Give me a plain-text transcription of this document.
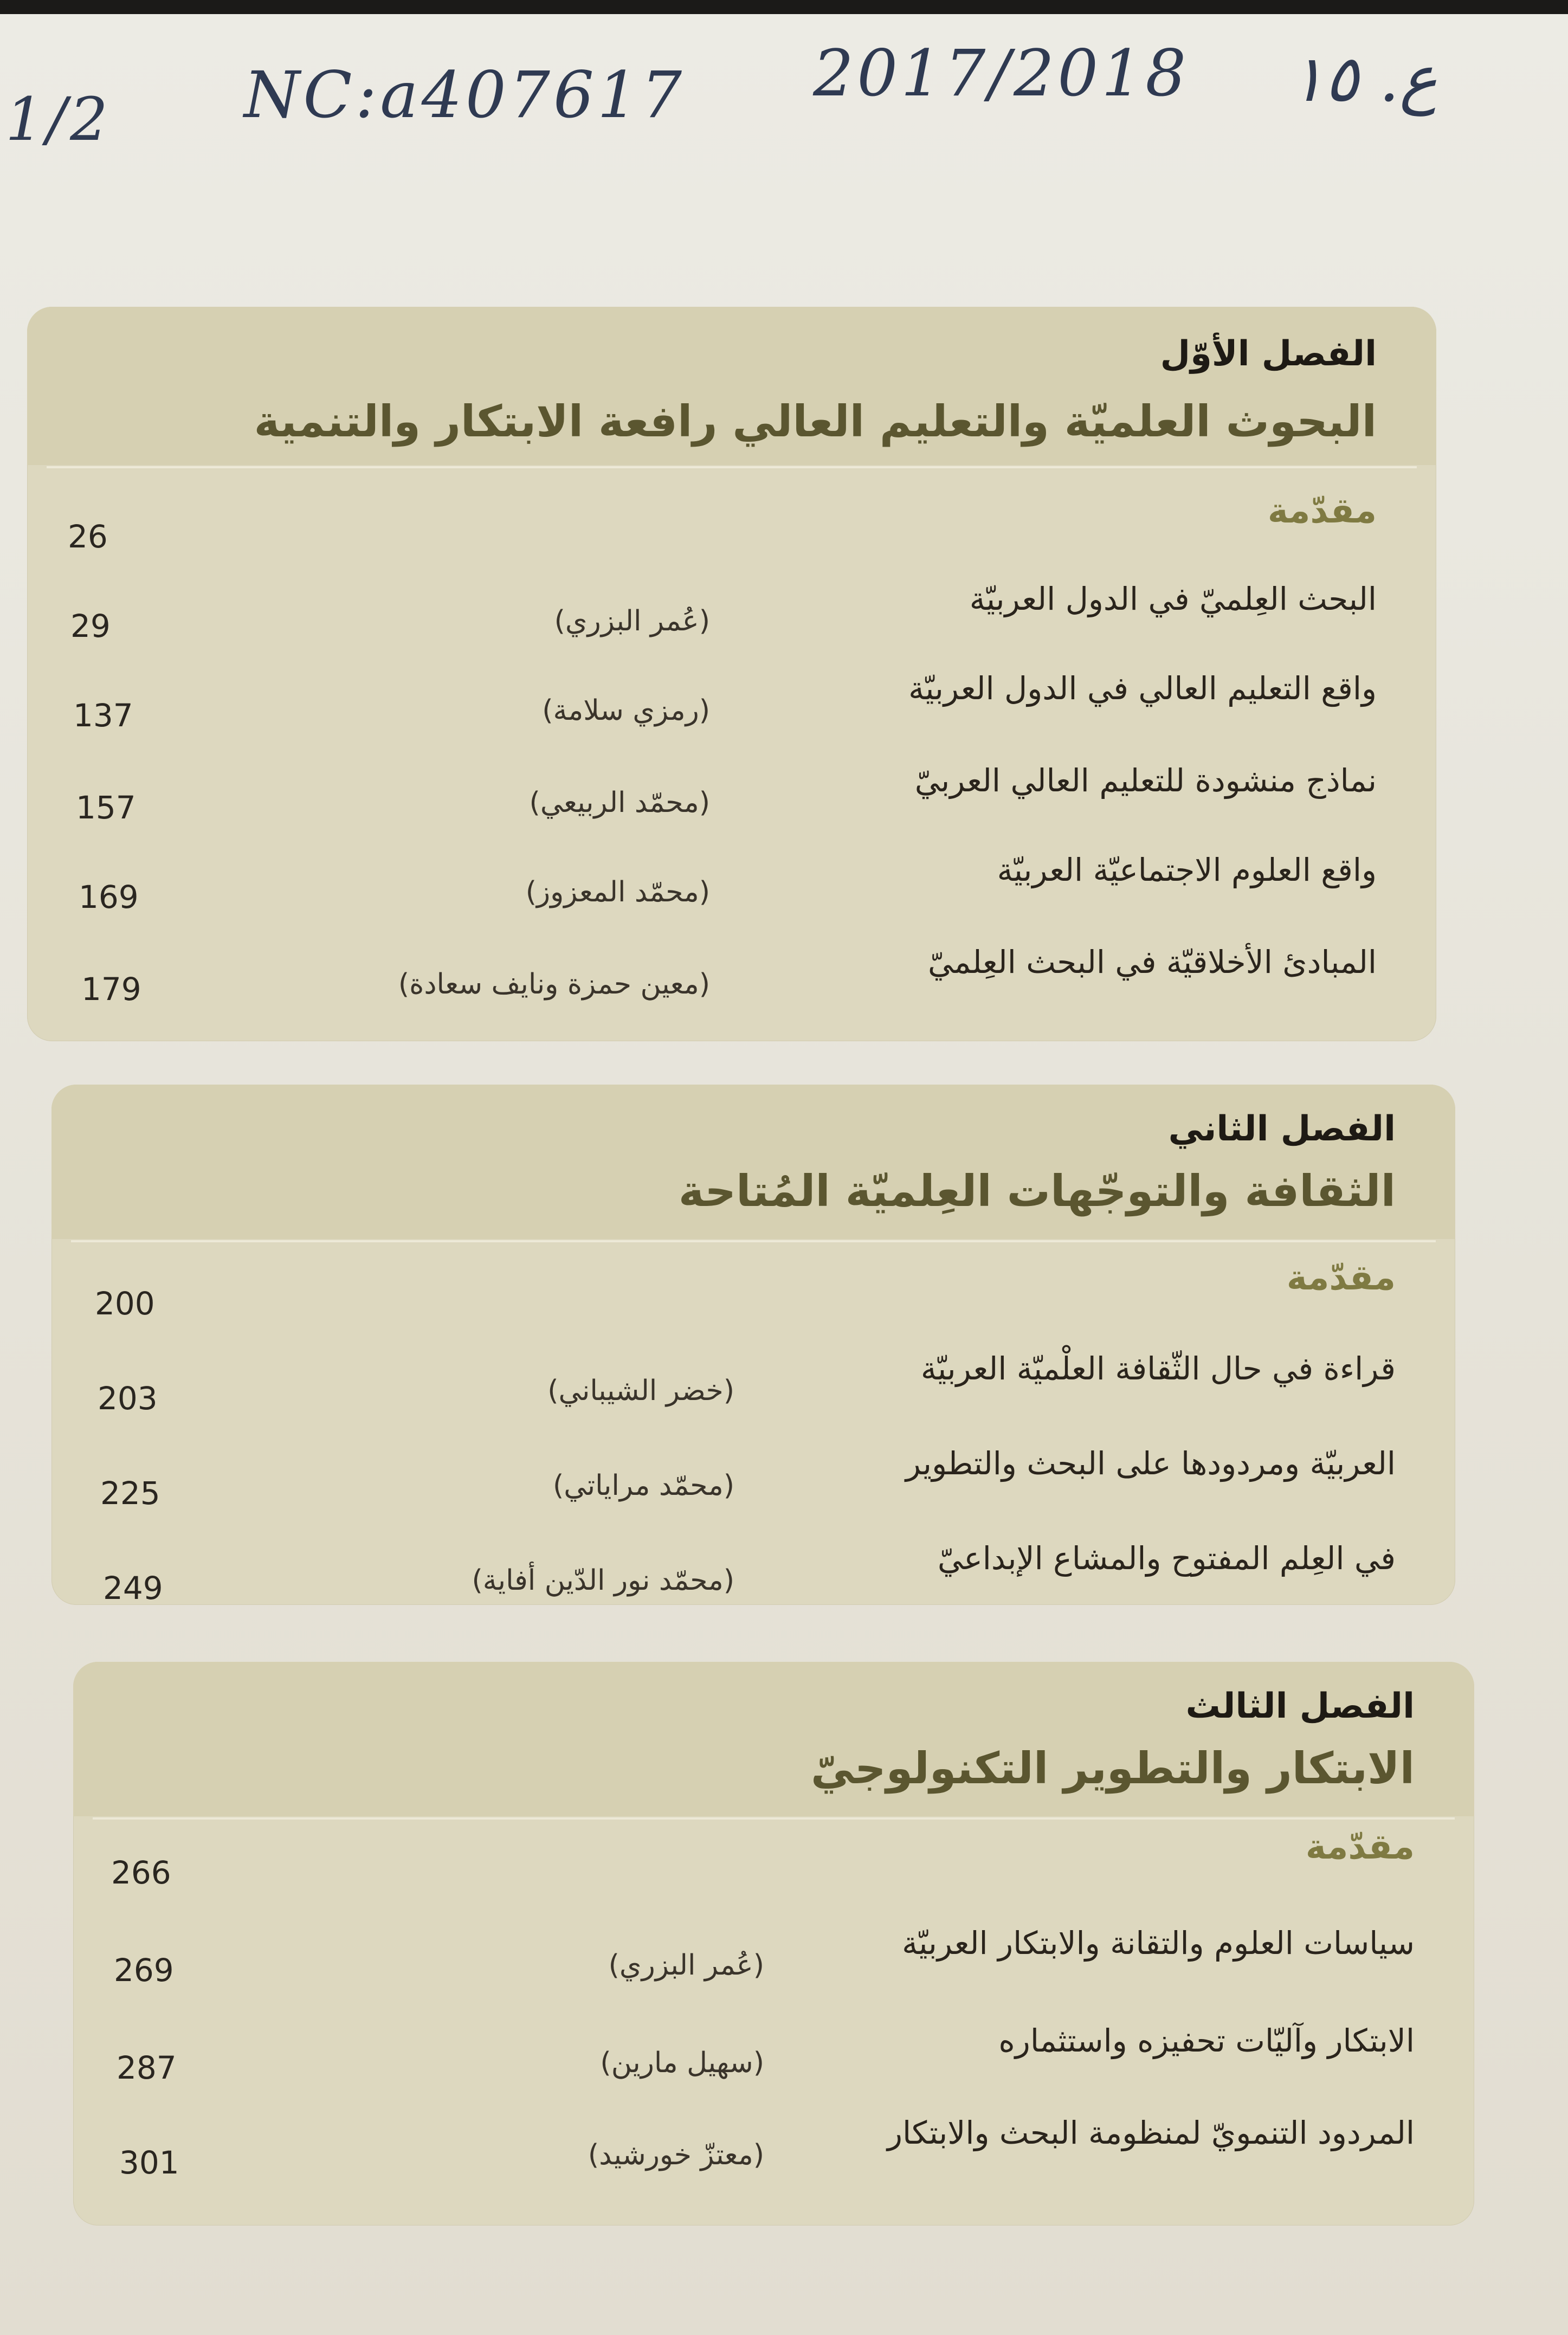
1/2 NC:a407617 2017/2018 ع. ١٥
الفصل الأوّل
البحوث العلميّة والتعليم العالي رافعة الابتكار والتنمية
مقدّمة
26
البحث العِلميّ في الدول العربيّة
(عُمر البزري)
29
واقع التعليم العالي في الدول العربيّة
(رمزي سلامة)
137
نماذج منشودة للتعليم العالي العربيّ
(محمّد الربيعي)
157
واقع العلوم الاجتماعيّة العربيّة
(محمّد المعزوز)
169
المبادئ الأخلاقيّة في البحث العِلميّ
(معين حمزة ونايف سعادة)
179
الفصل الثاني
الثقافة والتوجّهات العِلميّة المُتاحة
مقدّمة
200
قراءة في حال الثّقافة العلْميّة العربيّة
(خضر الشيباني)
203
العربيّة ومردودها على البحث والتطوير
(محمّد مراياتي)
225
في العِلم المفتوح والمشاع الإبداعيّ
(محمّد نور الدّين أفاية)
249
الفصل الثالث
الابتكار والتطوير التكنولوجيّ
مقدّمة
266
سياسات العلوم والتقانة والابتكار العربيّة
(عُمر البزري)
269
الابتكار وآليّات تحفيزه واستثماره
(سهيل مارين)
287
المردود التنمويّ لمنظومة البحث والابتكار
(معتزّ خورشيد)
301
